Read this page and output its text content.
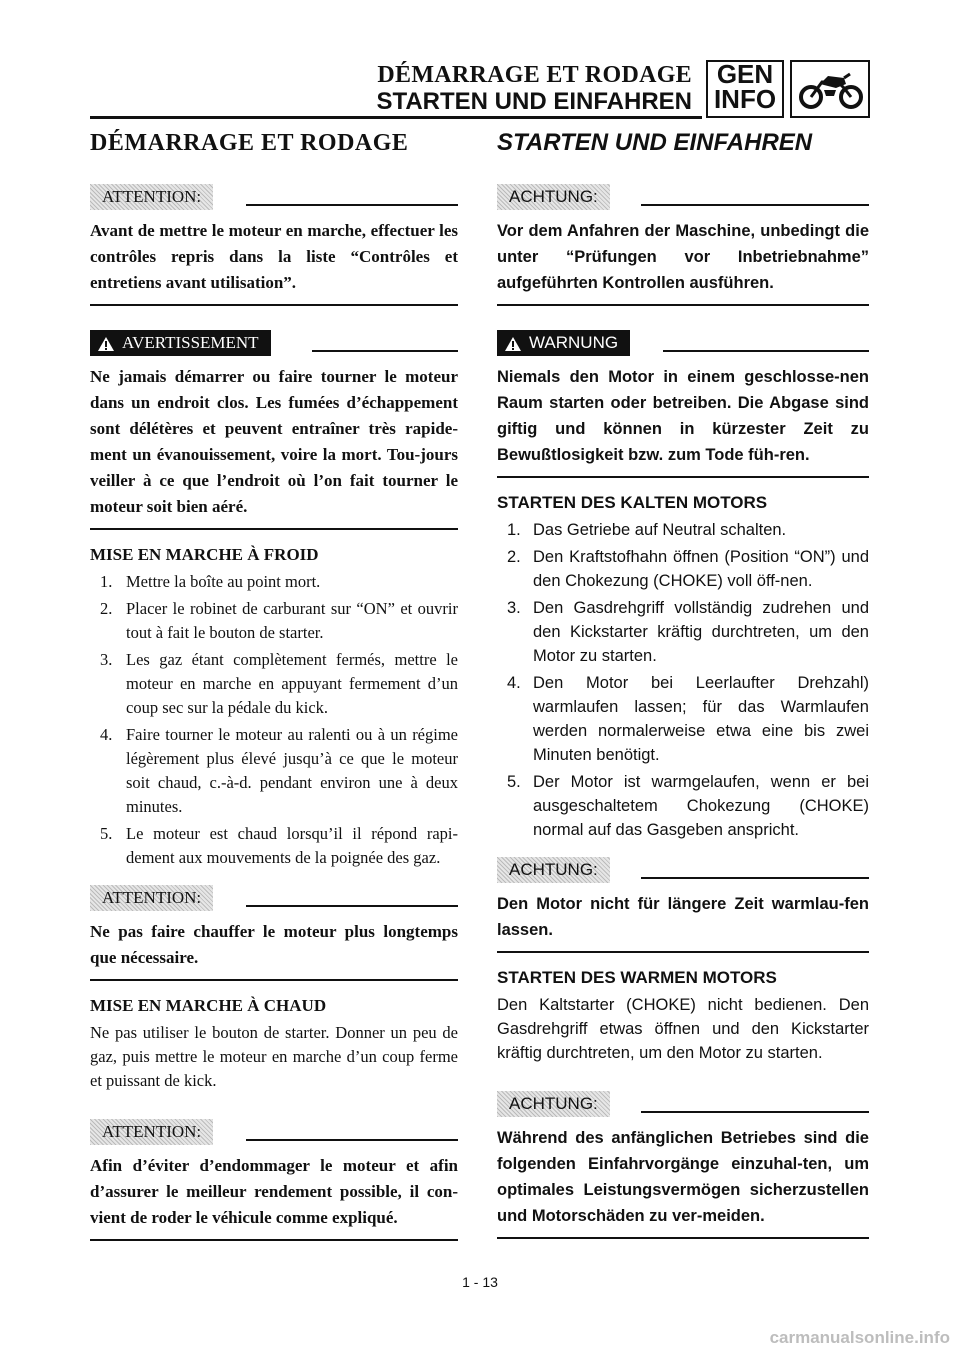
DÉMARRAGE ET RODAGE
STARTEN UND EINFAHREN
GEN
INFO
DÉMARRAGE ET RODAGE
ATTENTION:
Avant de mettre le moteur en marche, effectuer les contrôles repris dans la liste “Contrôles et entretiens avant utilisation”.
AVERTISSEMENT
Ne jamais démarrer ou faire tourner le moteur dans un endroit clos. Les fumées d’échappement sont délétères et peuvent entraîner très rapide-ment un évanouissement, voire la mort. Tou-jours veiller à ce que l’endroit où l’on fait tourner le moteur soit bien aéré.
MISE EN MARCHE À FROID
1. Mettre la boîte au point mort.
2. Placer le robinet de carburant sur “ON” et ouvrir tout à fait le bouton de starter.
3. Les gaz étant complètement fermés, mettre le moteur en marche en appuyant fermement d’un coup sec sur la pédale du kick.
4. Faire tourner le moteur au ralenti ou à un régime légèrement plus élevé jusqu’à ce que le moteur soit chaud, c.-à-d. pendant environ une à deux minutes.
5. Le moteur est chaud lorsqu’il il répond rapi-dement aux mouvements de la poignée des gaz.
ATTENTION:
Ne pas faire chauffer le moteur plus longtemps que nécessaire.
MISE EN MARCHE À CHAUD

Ne pas utiliser le bouton de starter. Donner un peu de gaz, puis mettre le moteur en marche d’un coup ferme et puissant de kick.

ATTENTION:
Afin d’éviter d’endommager le moteur et afin d’assurer le meilleur rendement possible, il con-vient de roder le véhicule comme expliqué.
STARTEN UND EINFAHREN
ACHTUNG:
Vor dem Anfahren der Maschine, unbedingt die unter “Prüfungen vor Inbetriebnahme” aufgeführten Kontrollen ausführen.
WARNUNG
Niemals den Motor in einem geschlosse-nen Raum starten oder betreiben. Die Abgase sind giftig und können in kürzester Zeit zu Bewußtlosigkeit bzw. zum Tode füh-ren.
STARTEN DES KALTEN MOTORS
1. Das Getriebe auf Neutral schalten.
2. Den Kraftstofhahn öffnen (Position “ON”) und den Chokezung (CHOKE) voll öff-nen.
3. Den Gasdrehgriff vollständig zudrehen und den Kickstarter kräftig durchtreten, um den Motor zu starten.
4. Den Motor bei Leerlaufter Drehzahl) warmlaufen lassen; für das Warmlaufen werden normalerweise etwa eine bis zwei Minuten benötigt.
5. Der Motor ist warmgelaufen, wenn er bei ausgeschaltetem Chokezung (CHOKE) normal auf das Gasgeben anspricht.
ACHTUNG:
Den Motor nicht für längere Zeit warmlau-fen lassen.
STARTEN DES WARMEN MOTORS

Den Kaltstarter (CHOKE) nicht bedienen. Den Gasdrehgriff etwas öffnen und den Kickstarter kräftig durchtreten, um den Motor zu starten.

ACHTUNG:
Während des anfänglichen Betriebes sind die folgenden Einfahrvorgänge einzuhal-ten, um optimales Leistungsvermögen sicherzustellen und Motorschäden zu ver-meiden.
1 - 13
carmanualsonline.info
